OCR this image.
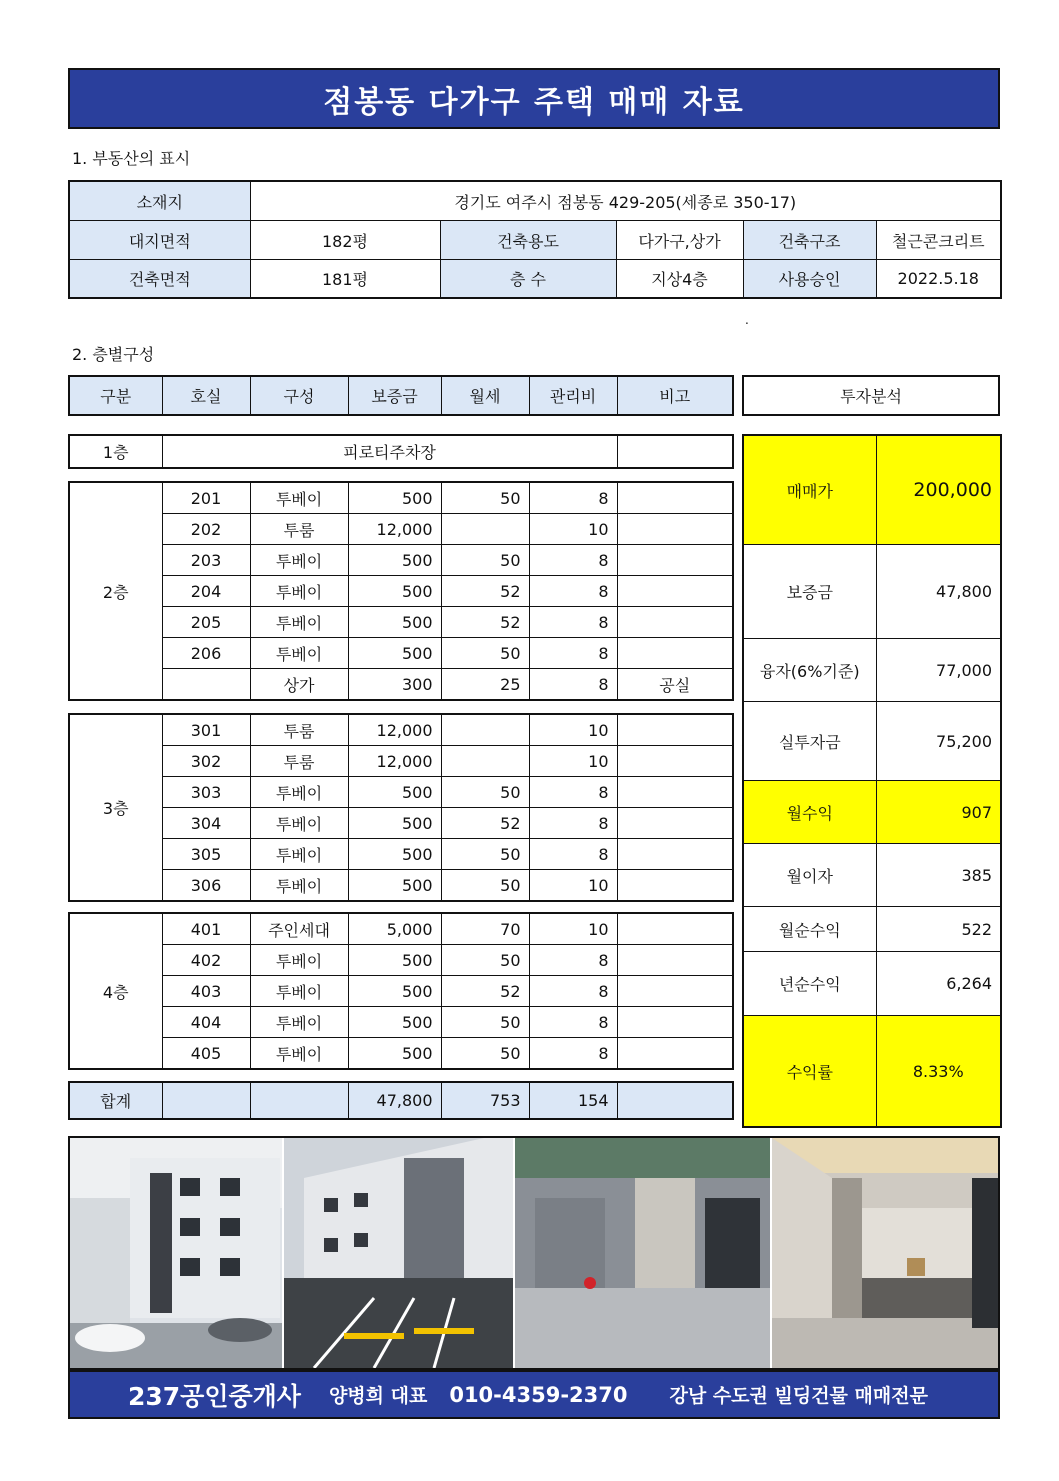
점봉동 다가구 주택 매매 자료
1. 부동산의 표시
소재지	경기도 여주시 점봉동 429-205(세종로 350-17)				
대지면적	182평	건축용도	다가구,상가	건축구조	철근콘크리트
건축면적	181평	층 수	지상4층	사용승인	2022.5.18
.
2. 층별구성
구분	호실	구성	보증금	월세	관리비	비고	투자분석
1층	피로티주차장	
2층	201	투베이	500	50	8	
	202	투룸	12,000		10	
	203	투베이	500	50	8	
	204	투베이	500	52	8	
	205	투베이	500	52	8	
	206	투베이	500	50	8	
		상가	300	25	8	공실
3층	301	투룸	12,000		10	
	302	투룸	12,000		10	
	303	투베이	500	50	8	
	304	투베이	500	52	8	
	305	투베이	500	50	8	
	306	투베이	500	50	10	
4층	401	주인세대	5,000	70	10	
	402	투베이	500	50	8	
	403	투베이	500	52	8	
	404	투베이	500	50	8	
	405	투베이	500	50	8	
합계			47,800	753	154	
매매가	200,000
보증금	47,800
융자(6%기준)	77,000
실투자금	75,200
월수익	907
월이자	385
월순수익	522
년순수익	6,264
수익률	8.33%
237공인중개사 양병희 대표 010-4359-2370 강남 수도권 빌딩건물 매매전문
